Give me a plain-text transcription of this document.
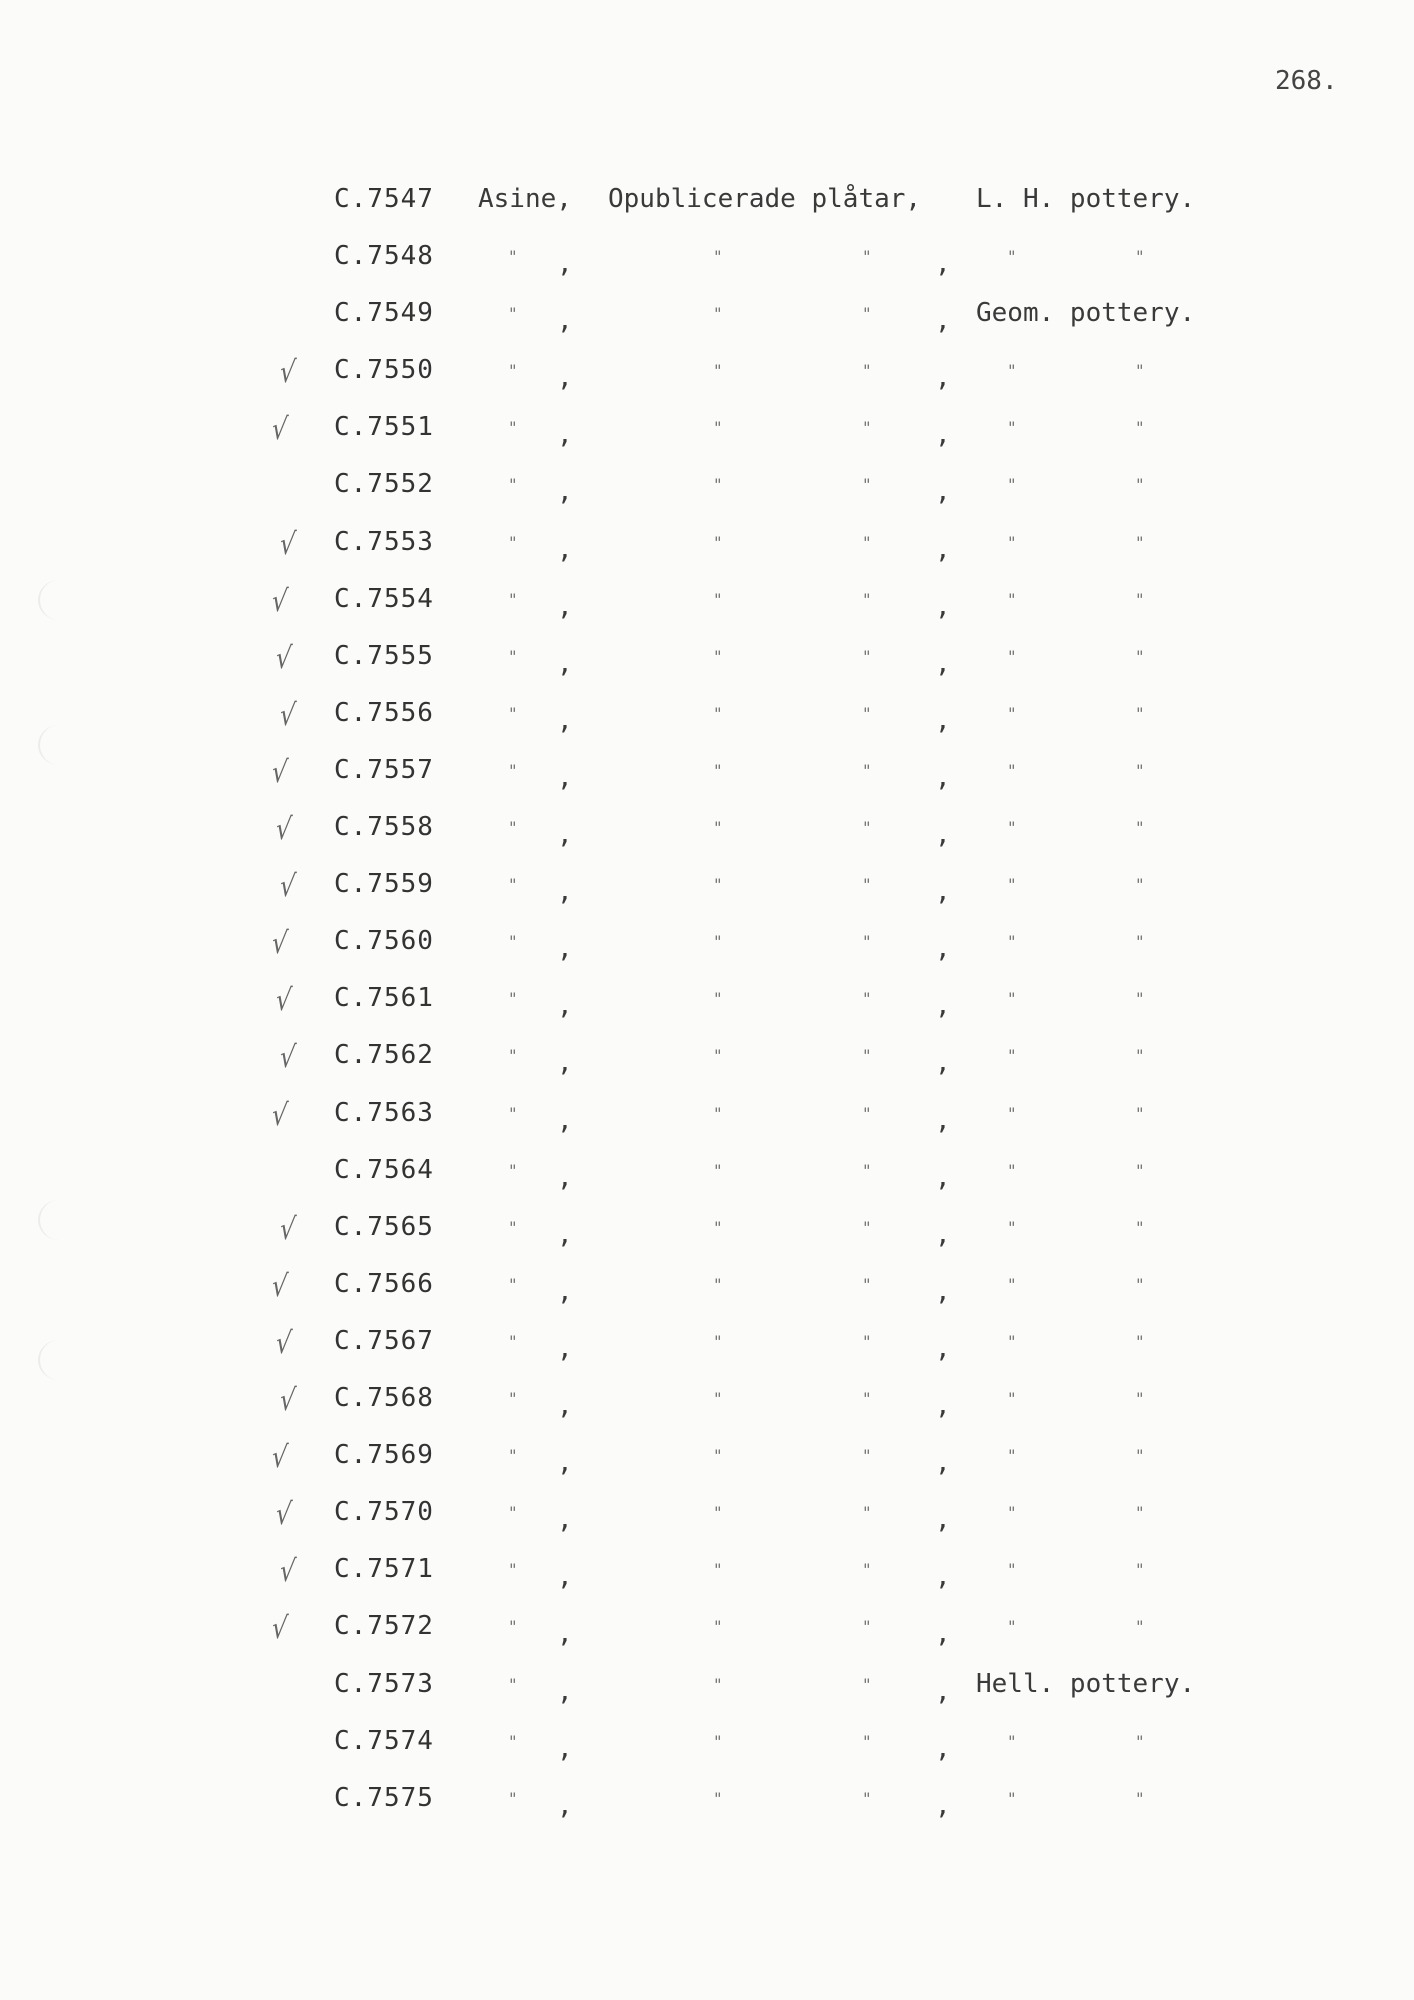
268.
C.7547 Asine, Opublicerade plåtar, L. H. pottery.
C.7548	" ,	"	" ,	"	"
C.7549	" ,	"	" , Geom. pottery.
√ C.7550	" ,	"	" ,	"	"
√ C.7551	" ,	"	" ,	"	"
C.7552	" ,	"	" ,	"	"
√ C.7553	" ,	"	" ,	"	"
√ C.7554	" ,	"	" ,	"	"
√ C.7555	" ,	"	" ,	"	"
√ C.7556	" ,	"	" ,	"	"
√ C.7557	" ,	"	" ,	"	"
√ C.7558	" ,	"	" ,	"	"
√ C.7559	" ,	"	" ,	"	"
√ C.7560	" ,	"	" ,	"	"
√ C.7561	" ,	"	" ,	"	"
√ C.7562	" ,	"	" ,	"	"
√ C.7563	" ,	"	" ,	"	"
C.7564	" ,	"	" ,	"	"
√ C.7565	" ,	"	" ,	"	"
√ C.7566	" ,	"	" ,	"	"
√ C.7567	" ,	"	" ,	"	"
√ C.7568	" ,	"	" ,	"	"
√ C.7569	" ,	"	" ,	"	"
√ C.7570	" ,	"	" ,	"	"
√ C.7571	" ,	"	" ,	"	"
√ C.7572	" ,	"	" ,	"	"
C.7573	" ,	"	" , Hell. pottery.
C.7574	" ,	"	" ,	"	"
C.7575	" ,	"	" ,	"	"
